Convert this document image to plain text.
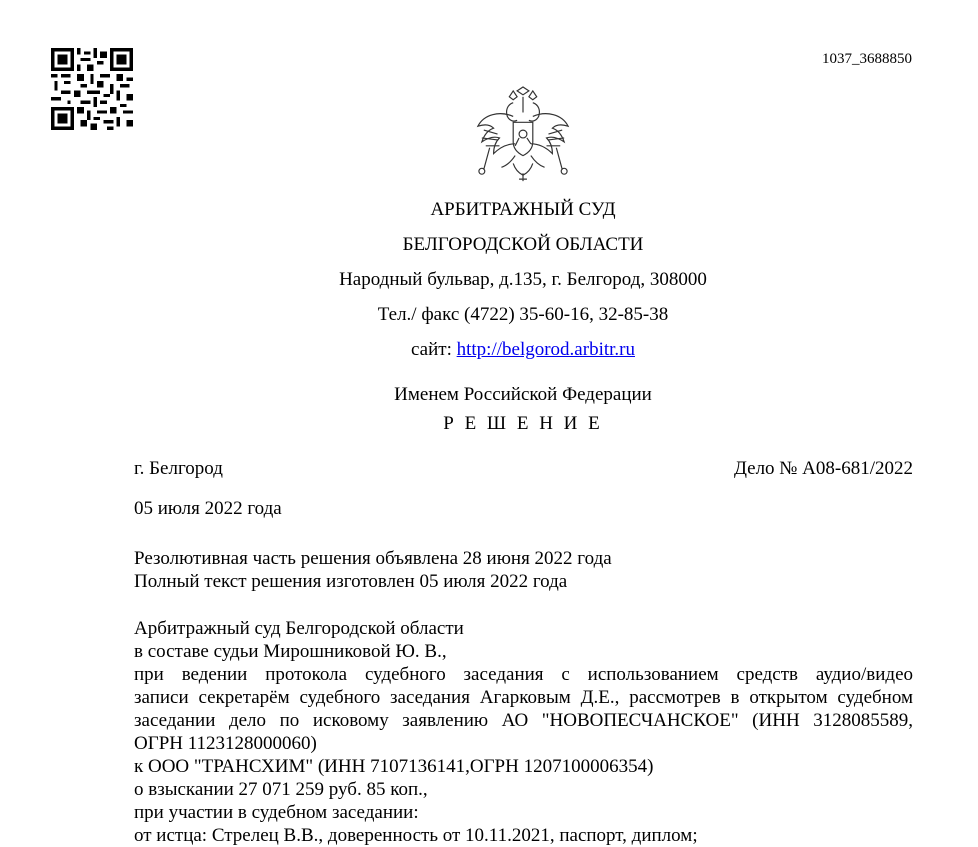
1037_3688850
АРБИТРАЖНЫЙ СУД
БЕЛГОРОДСКОЙ ОБЛАСТИ
Народный бульвар, д.135, г. Белгород, 308000
Тел./ факс (4722) 35-60-16, 32-85-38
сайт: http://belgorod.arbitr.ru
Именем Российской Федерации
Р Е Ш Е Н И Е
г. Белгород	Дело № А08-681/2022
05 июля 2022 года
Резолютивная часть решения объявлена 28 июня 2022 года
Полный текст решения изготовлен 05 июля 2022 года
Арбитражный суд Белгородской области
в составе судьи Мирошниковой Ю. В.,
при ведении протокола судебного заседания с использованием средств аудио/видео
записи секретарём судебного заседания Агарковым Д.Е., рассмотрев в открытом судебном
заседании дело по исковому заявлению АО "НОВОПЕСЧАНСКОЕ" (ИНН 3128085589,
ОГРН 1123128000060)
к ООО "ТРАНСХИМ" (ИНН 7107136141,ОГРН 1207100006354)
о взыскании 27 071 259 руб. 85 коп.,
при участии в судебном заседании:
от истца: Стрелец В.В., доверенность от 10.11.2021, паспорт, диплом;
